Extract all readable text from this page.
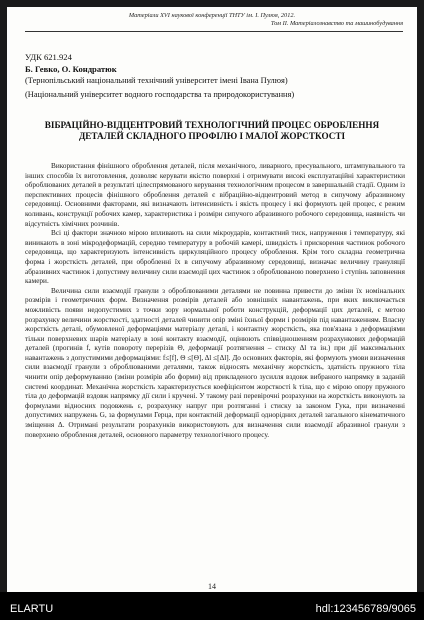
Матеріали XVI наукової конференції ТНТУ ім. І. Пулюя, 2012.
Том II. Матеріалознавство та машинобудування
УДК 621.924
Б. Гевко, О. Кондратюк
(Тернопільський національний технічний університет імені Івана Пулюя)
(Національний університет водного господарства та природокористування)
ВІБРАЦІЙНО-ВІДЦЕНТРОВИЙ ТЕХНОЛОГІЧНИЙ ПРОЦЕС ОБРОБЛЕННЯ ДЕТАЛЕЙ СКЛАДНОГО ПРОФІЛЮ І МАЛОЇ ЖОРСТКОСТІ

Використання фінішного оброблення деталей, після механічного, ливарного, пресувального, штампувального та інших способів їх виготовлення, дозволяє керувати якістю поверхні і отримувати високі експлуатаційні характеристики оброблюваних деталей в результаті цілеспрямованого керування технологічним процесом в завершальній стадії. Одним із перспективних процесів фінішного оброблення деталей є вібраційно-відцентровий метод в сипучому абразивному середовищі. Основними факторами, які визначають інтенсивність і якість процесу і які формують цей процес, є режим коливань, конструкції робочих камер, характеристика і розміри сипучого абразивного робочого середовища, наявність чи відсутність хімічних розчинів.

Всі ці фактори значною мірою впливають на сили мікроударів, контактний тиск, напруження і температуру, які виникають в зоні мікродеформацій, середню температуру в робочій камері, швидкість і прискорення частинок робочого середовища, що характеризують інтенсивність циркуляційного процесу оброблення. Крім того складна геометрична форма і жорсткість деталей, при обробленні їх в сипучому абразивному середовищі, визначає величину грануляції абразивних частинок і допустиму величину сили взаємодії цих частинок з оброблюваною поверхнею і ступінь заповнення камери.

Величина сили взаємодії гранули з оброблюваними деталями не повинна привести до зміни їх номінальних розмірів і геометричних форм. Визначення розмірів деталей або зовнішніх навантажень, при яких виключається можливість появи недопустимих з точки зору нормальної роботи конструкцій, деформації цих деталей, є метою розрахунку величини жорсткості, здатності деталей чинити опір зміні їхньої форми і розмірів під навантаженням. Власну жорсткість деталі, обумовленої деформаціями матеріалу деталі, і контактну жорсткість, яка пов'язана з деформаціями тільки поверхневих шарів матеріалу в зоні контакту взаємодії, оцінюють співвідношенням розрахункових деформацій деталей (прогинів f, кутів повороту перерізів Θ, деформації розтягнення – стиску Δl та ін.) при дії максимальних навантажень з допустимими деформаціями: f≤[f], Θ ≤[Θ], Δl ≤[Δl]. До основних факторів, які формують умови визначення сили взаємодії гранули з оброблюваними деталями, також відносять механічну жорсткість, здатність пружного тіла чинити опір деформуванню (зміни розмірів або форми) від прикладеного зусилля вздовж вибраного напрямку в заданій системі координат. Механічна жорсткість характеризується коефіцієнтом жорсткості k тіла, що є мірою опору пружного тіла до деформацій вздовж напрямку дії сили і кручені. У такому разі перевірочні розрахунки на жорсткість виконують за формулами відносних подовжень ε, розрахунку напруг при розтяганні і стиску за законом Гука, при визначенні допустимих напружень G, за формулами Герца, при контактній деформації однорідних деталей загального кінематичного зміщення Δ. Отримані результати розрахунків використовують для визначення сили взаємодії абразивної гранули з поверхнею оброблення деталей, основного параметру технологічного процесу.

14
ELARTU	hdl:123456789/9065
